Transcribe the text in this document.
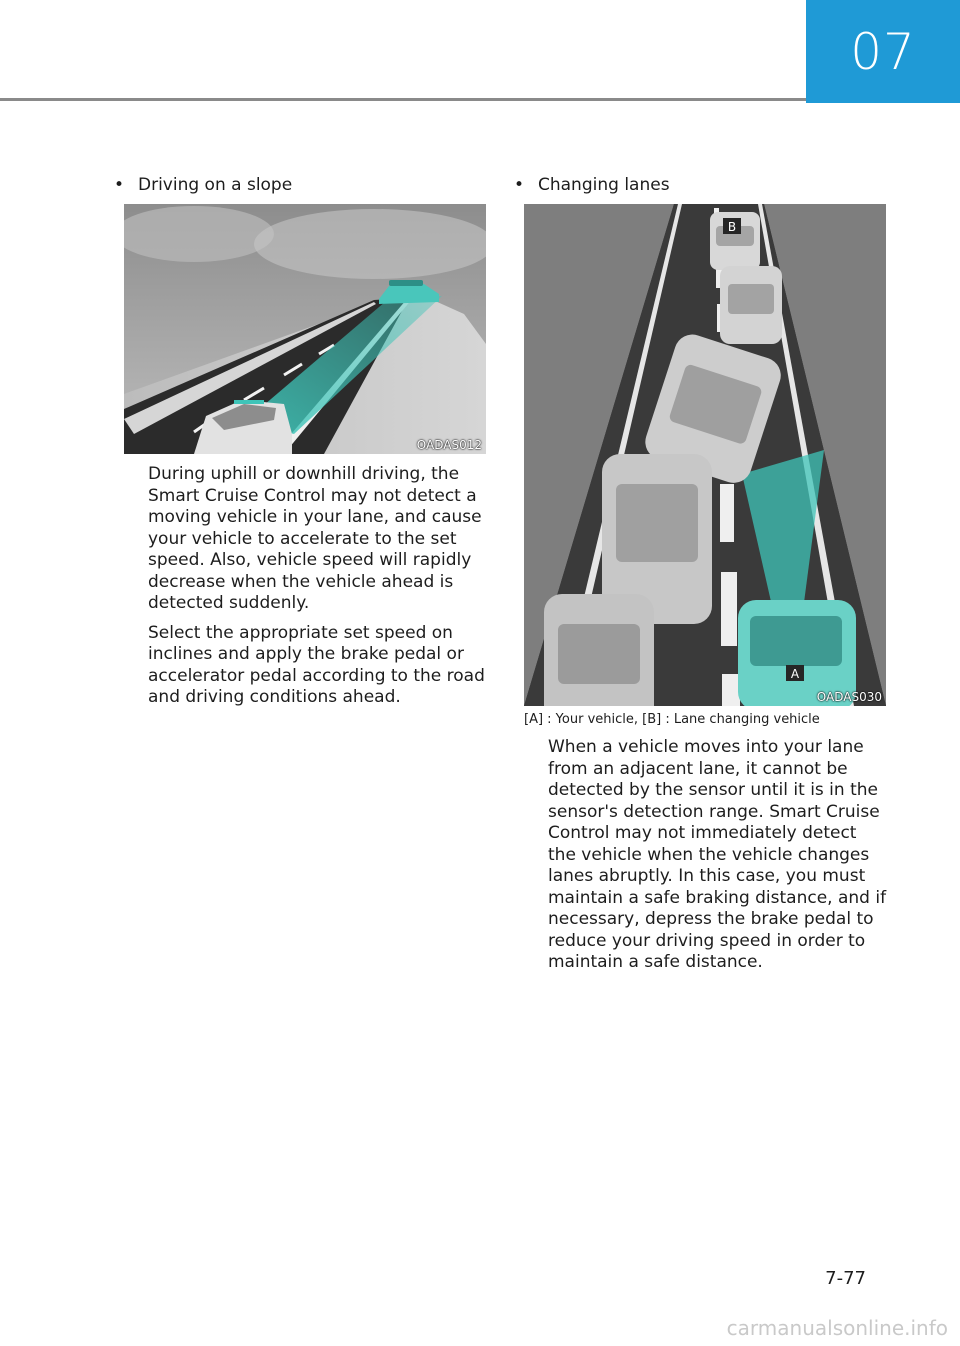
07
• Driving on a slope
OADAS012

During uphill or downhill driving, the Smart Cruise Control may not detect a moving vehicle in your lane, and cause your vehicle to accelerate to the set speed. Also, vehicle speed will rapidly decrease when the vehicle ahead is detected suddenly.

Select the appropriate set speed on inclines and apply the brake pedal or accelerator pedal according to the road and driving conditions ahead.

• Changing lanes
B
A
OADAS030
[A] : Your vehicle, [B] : Lane changing vehicle

When a vehicle moves into your lane from an adjacent lane, it cannot be detected by the sensor until it is in the sensor's detection range. Smart Cruise Control may not immediately detect the vehicle when the vehicle changes lanes abruptly. In this case, you must maintain a safe braking distance, and if necessary, depress the brake pedal to reduce your driving speed in order to maintain a safe distance.

7-77
carmanualsonline.info
